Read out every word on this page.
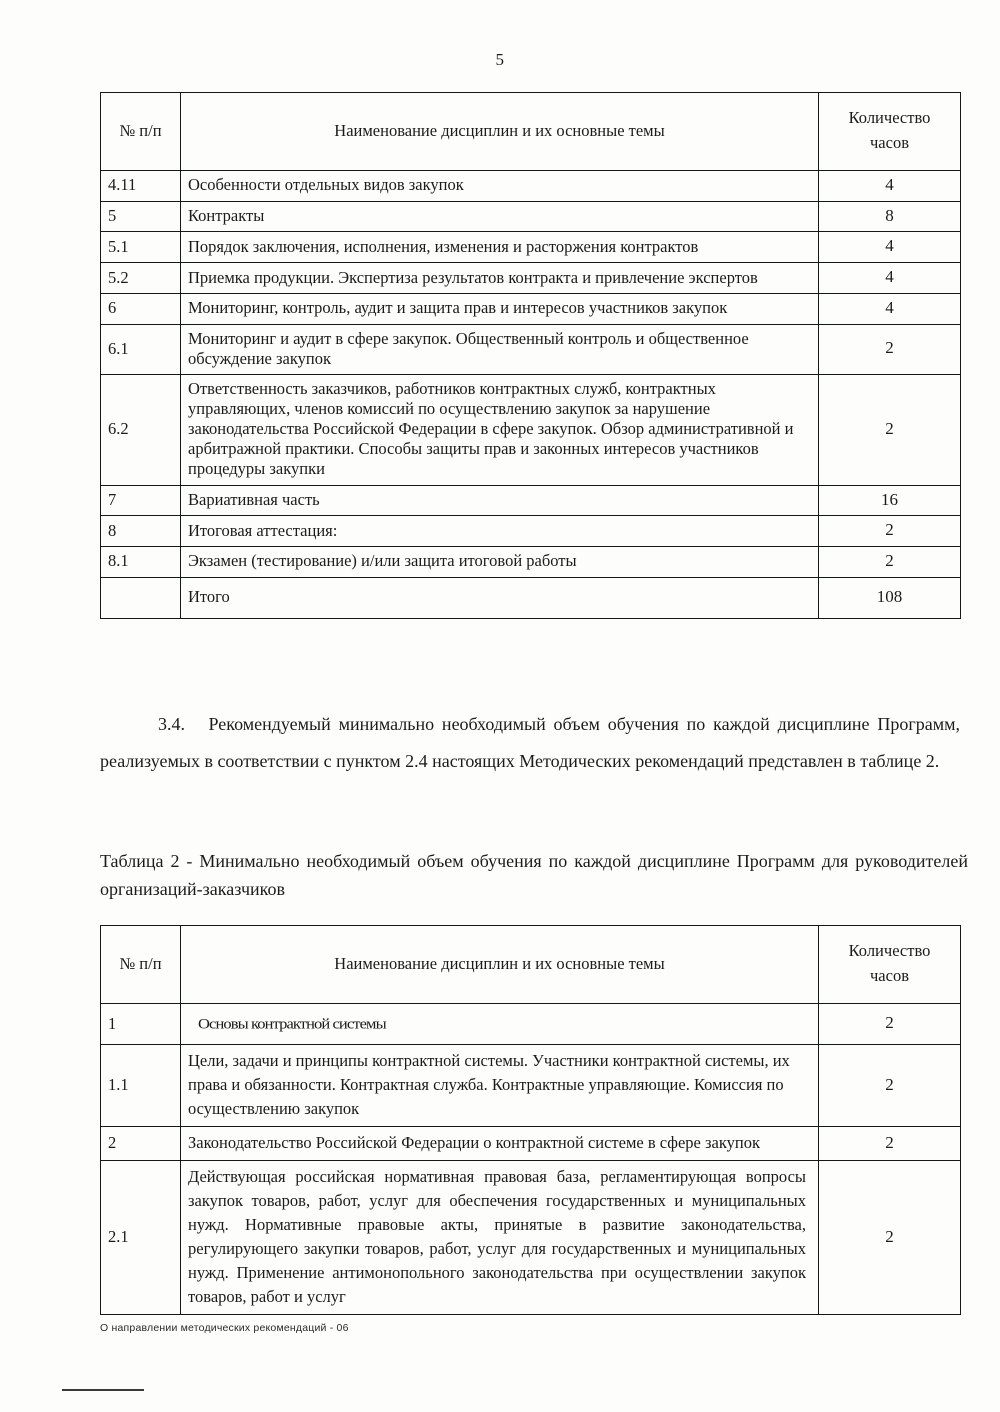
5
№ п/п	Наименование дисциплин и их основные темы	Количество
часов

4.11	Особенности отдельных видов закупок	4
5	Контракты	8
5.1	Порядок заключения, исполнения, изменения и расторжения контрактов	4
5.2	Приемка продукции. Экспертиза результатов контракта и привлечение экспертов	4
6	Мониторинг, контроль, аудит и защита прав и интересов участников закупок	4
6.1	Мониторинг и аудит в сфере закупок. Общественный контроль и общественное обсуждение закупок	2
6.2	Ответственность заказчиков, работников контрактных служб, контрактных управляющих, членов комиссий по осуществлению закупок за нарушение законодательства Российской Федерации в сфере закупок. Обзор административной и арбитражной практики. Способы защиты прав и законных интересов участников процедуры закупки	2
7	Вариативная часть	16
8	Итоговая аттестация:	2
8.1	Экзамен (тестирование) и/или защита итоговой работы	2
	Итого	108
3.4. Рекомендуемый минимально необходимый объем обучения по каждой дисциплине Программ, реализуемых в соответствии с пунктом 2.4 настоящих Методических рекомендаций представлен в таблице 2.
Таблица 2 - Минимально необходимый объем обучения по каждой дисциплине Программ для руководителей организаций-заказчиков
№ п/п	Наименование дисциплин и их основные темы	Количество
часов

1	Основы контрактной системы	2
1.1	Цели, задачи и принципы контрактной системы. Участники контрактной системы, их права и обязанности. Контрактная служба. Контрактные управляющие. Комиссия по осуществлению закупок	2
2	Законодательство Российской Федерации о контрактной системе в сфере закупок	2
2.1	Действующая российская нормативная правовая база, регламентирующая вопросы закупок товаров, работ, услуг для обеспечения государственных и муниципальных нужд. Нормативные правовые акты, принятые в развитие законодательства, регулирующего закупки товаров, работ, услуг для государственных и муниципальных нужд. Применение антимонопольного законодательства при осуществлении закупок товаров, работ и услуг	2
О направлении методических рекомендаций - 06
